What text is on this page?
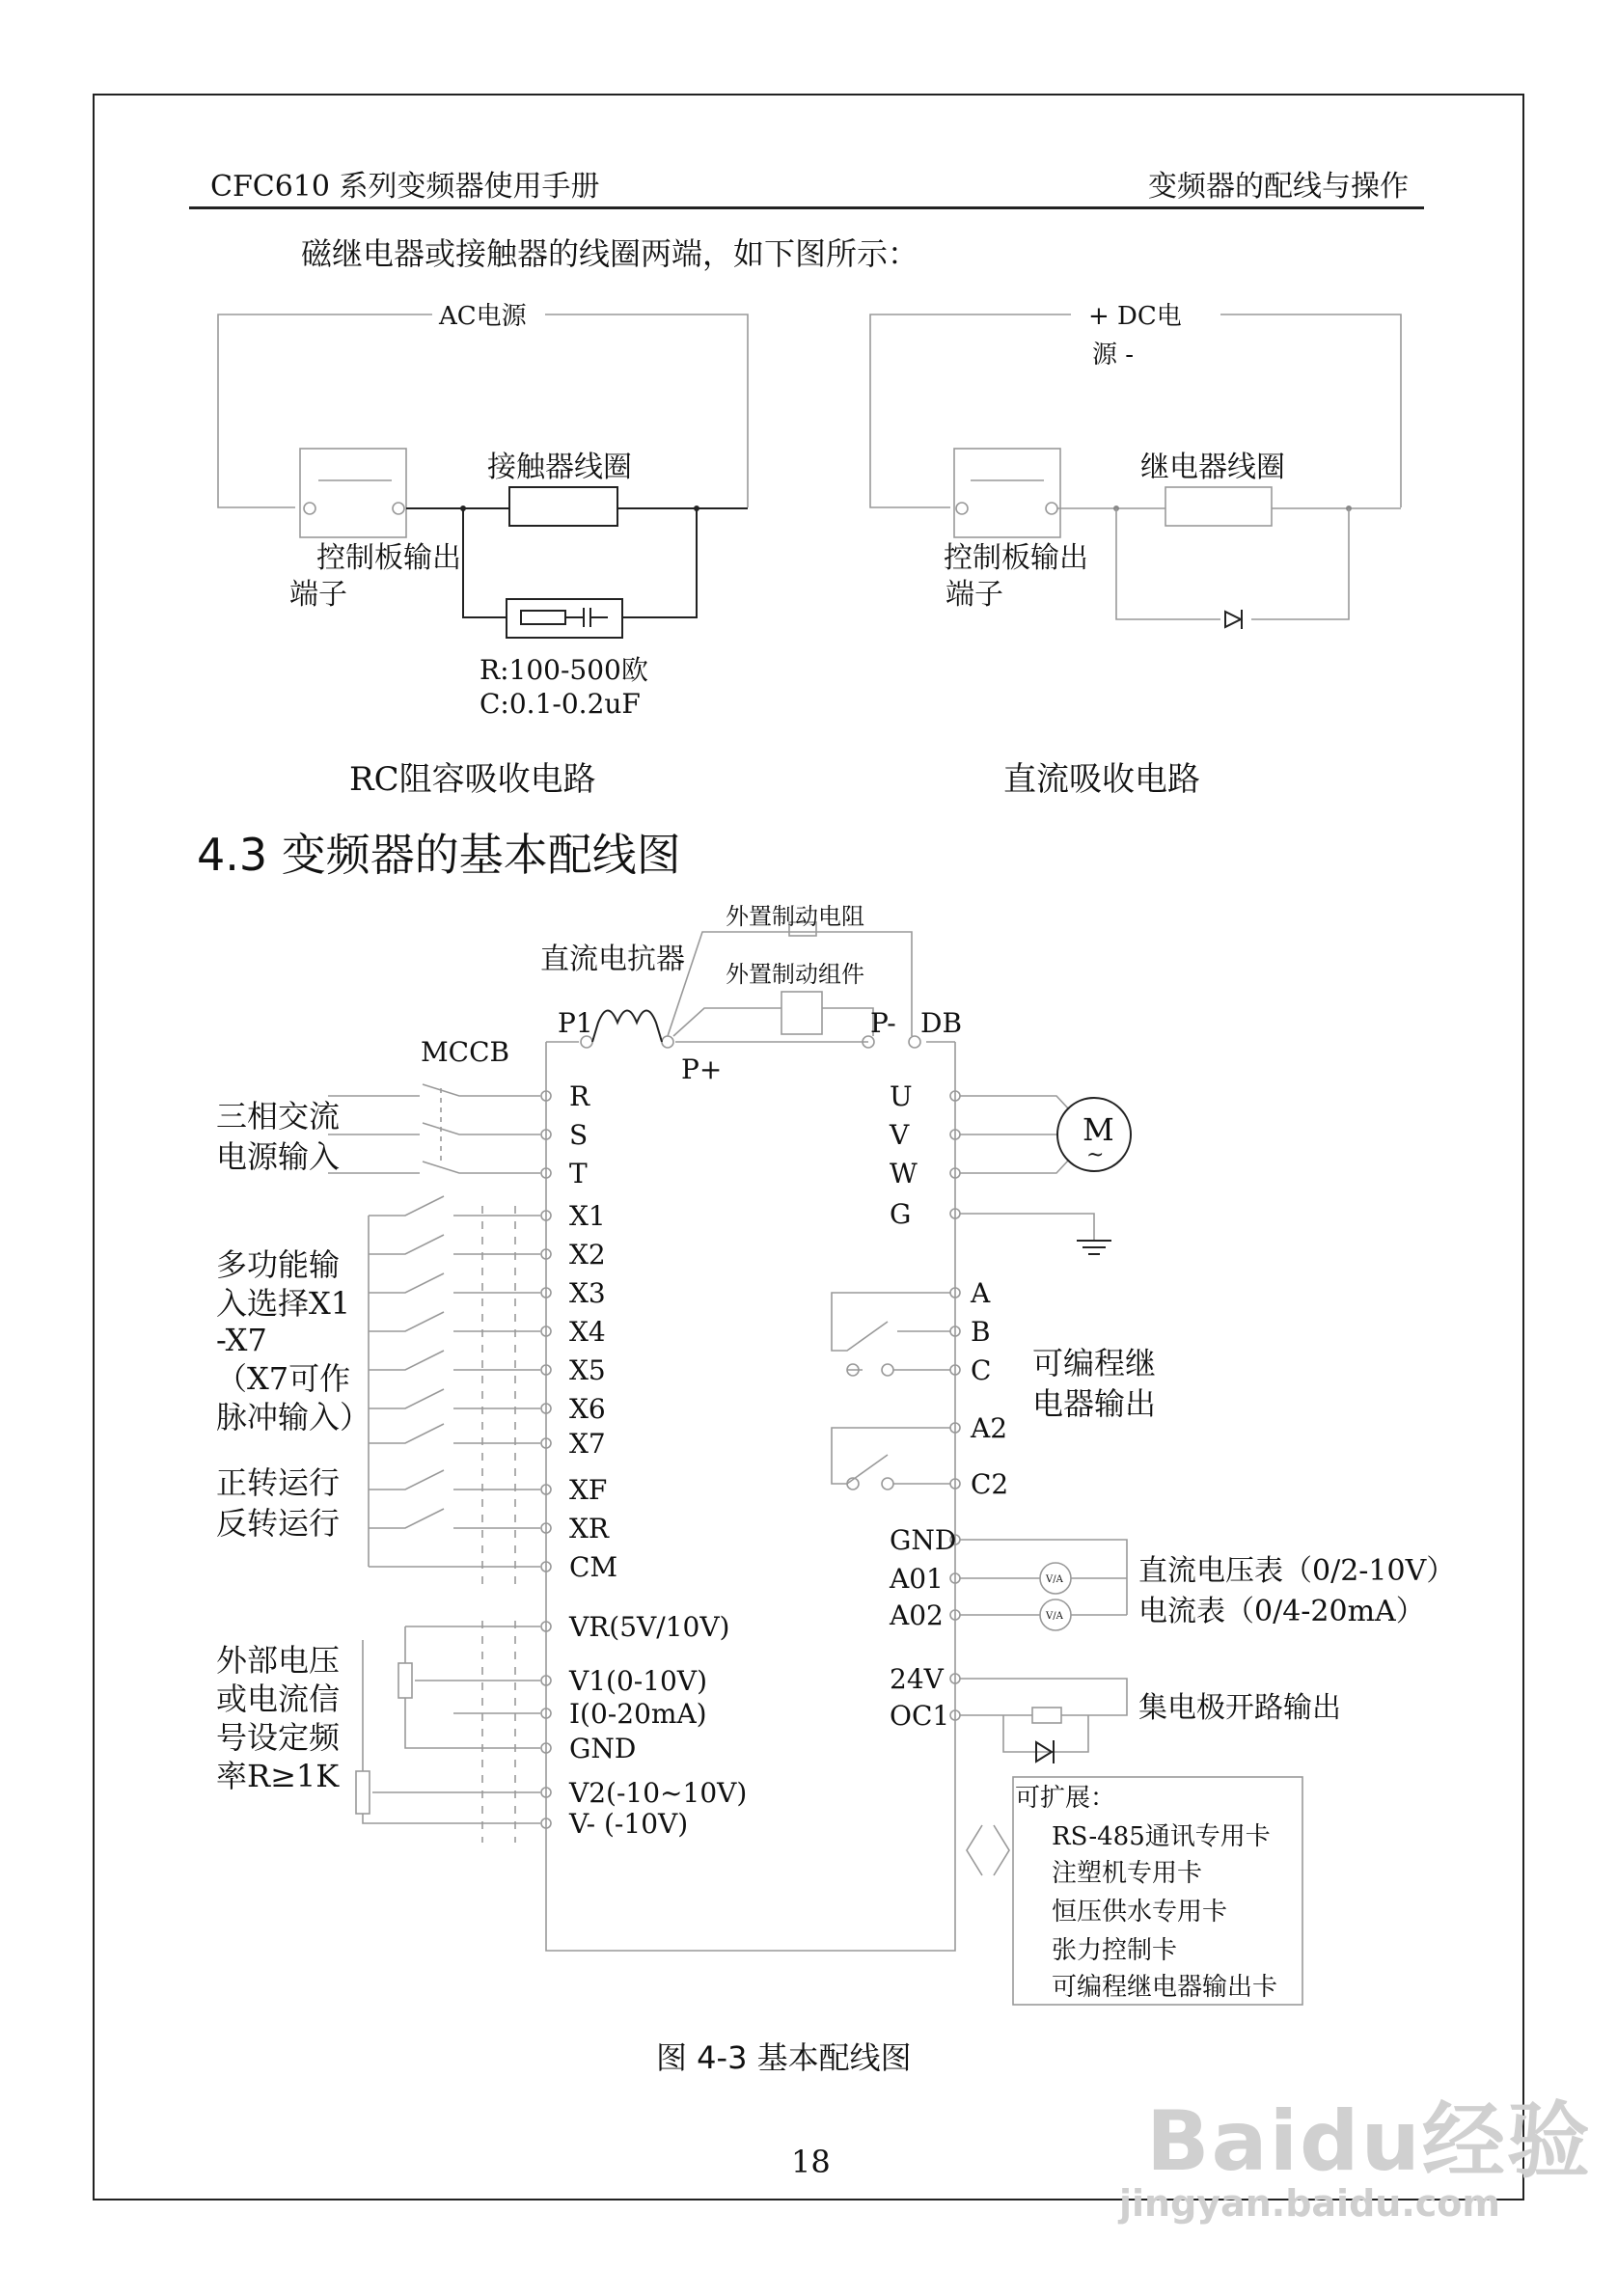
CFC610 系列变频器使用手册	变频器的配线与操作
磁继电器或接触器的线圈两端，如下图所示：
AC电源
控制板输出
端子
接触器线圈
R:100-500欧
C:0.1-0.2uF
+ DC电
源 -
继电器线圈
控制板输出
端子
外置制动电阻
外置制动组件
直流电抗器
P1
P+
P- DB
MCCB
R
S
T
三相交流
电源输入
X1
X2
X3
X4
X5
X6
X7
XF
XR
CM
多功能输
入选择X1
-X7
（X7可作
脉冲输入）
正转运行
反转运行
VR(5V/10V)
V1(0-10V)
I(0-20mA)
GND
V2(-10~10V)
V- (-10V)
外部电压
或电流信
号设定频
率R≥1K
M
~
U
V
W
G
A
B
C
A2
C2
可编程继
电器输出
V/A
V/A
GND
A01
A02
直流电压表（0/2-10V）
电流表（0/4-20mA）
24V
OC1	集电极开路输出
可扩展：
RS-485通讯专用卡
注塑机专用卡
恒压供水专用卡
张力控制卡
可编程继电器输出卡
RC阻容吸收电路	直流吸收电路
4.3 变频器的基本配线图
图 4-3 基本配线图
18	Baidu经验
jingyan.baidu.com
